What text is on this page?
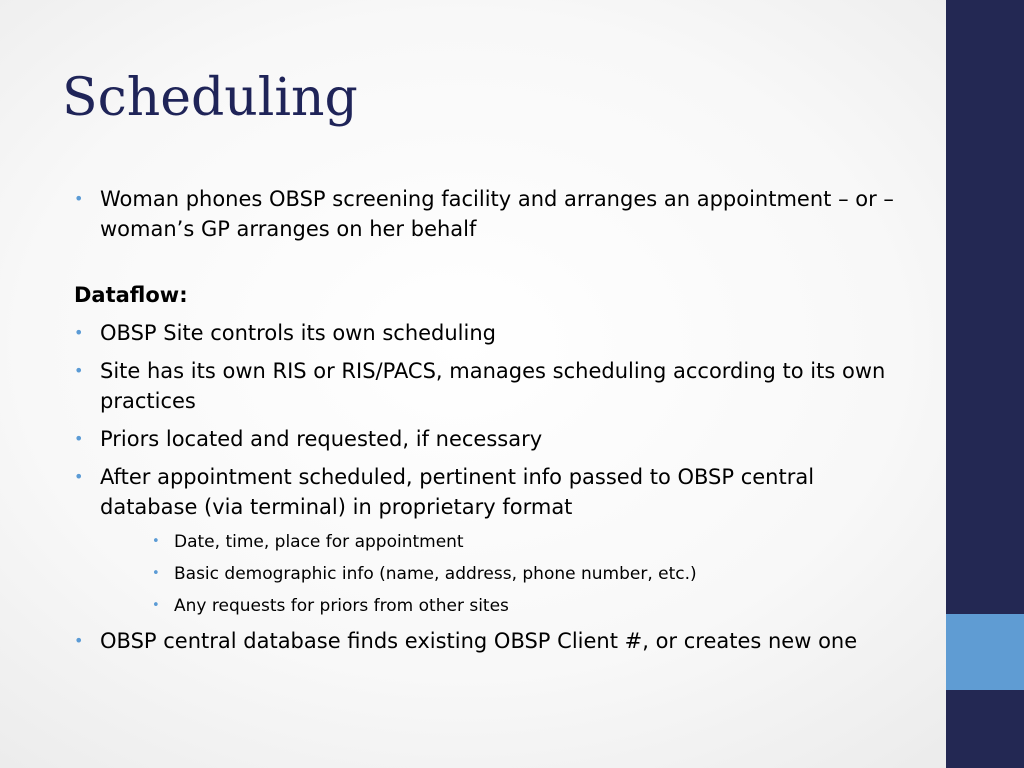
Scheduling
• Woman phones OBSP screening facility and arranges an appointment – or – woman’s GP arranges on her behalf
Dataflow:
• OBSP Site controls its own scheduling
• Site has its own RIS or RIS/PACS, manages scheduling according to its own practices
• Priors located and requested, if necessary
• After appointment scheduled, pertinent info passed to OBSP central database (via terminal) in proprietary format
• Date, time, place for appointment
• Basic demographic info (name, address, phone number, etc.)
• Any requests for priors from other sites
• OBSP central database finds existing OBSP Client #, or creates new one
